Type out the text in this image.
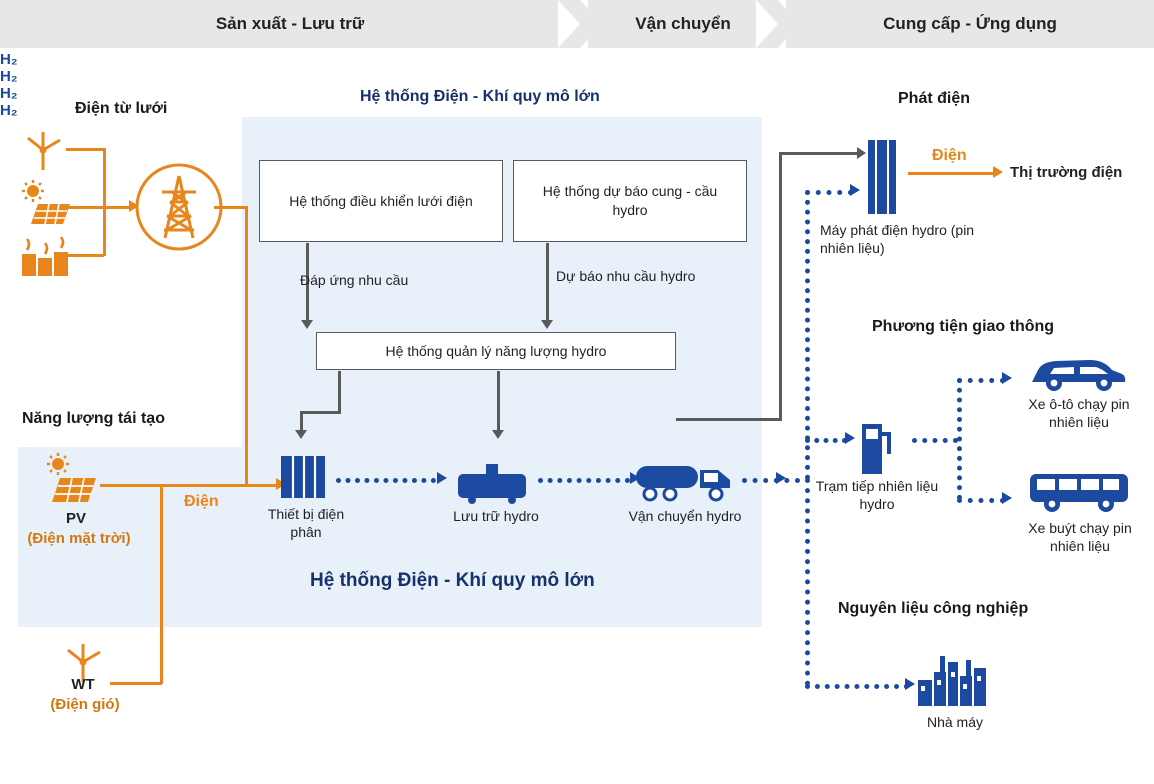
Sản xuất - Lưu trữ	Vận chuyển	Cung cấp - Ứng dụng
Điện từ lưới
Năng lượng tái tạo
Hệ thống Điện - Khí quy mô lớn
Hệ thống Điện - Khí quy mô lớn
Phát điện
Phương tiện giao thông
Nguyên liệu công nghiệp
PV
(Điện mặt trời)
WT
(Điện gió)
Điện
Hệ thống điều khiển lưới điện
Hệ thống dự báo cung - cầu hydro
Hệ thống quản lý năng lượng hydro
Đáp ứng nhu cầu	Dự báo nhu cầu hydro
Thiết bị điện phân
Lưu trữ hydro	Vận chuyển hydro
Máy phát điện hydro (pin nhiên liệu)
Điện
Thị trường điện
H₂
Trạm tiếp nhiên liệu hydro
H₂
H₂
Xe ô-tô chạy pin nhiên liệu
Xe buýt chạy pin nhiên liệu
H₂
Nhà máy
